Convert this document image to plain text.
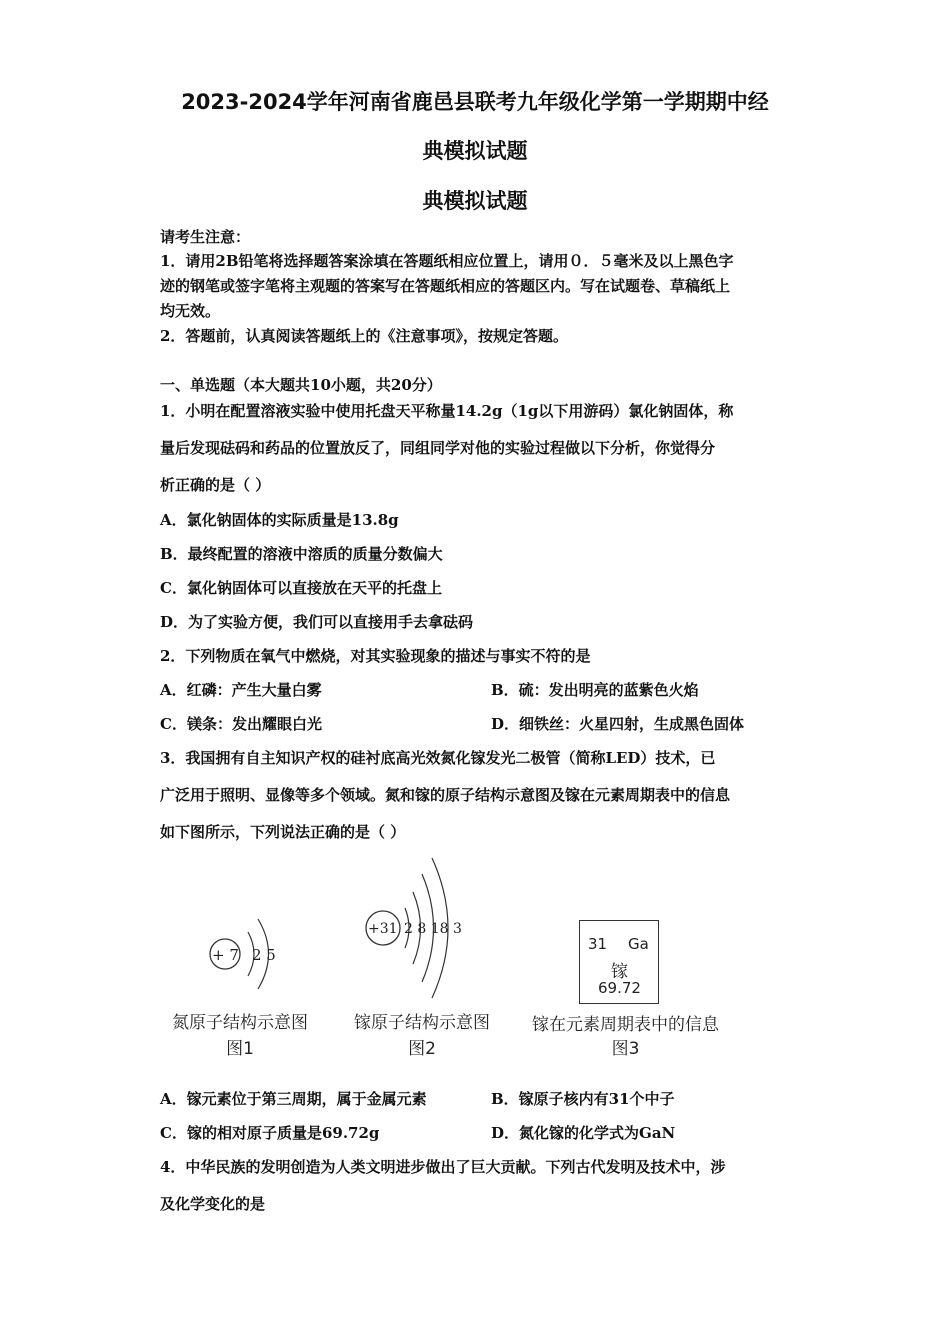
2023-2024学年河南省鹿邑县联考九年级化学第一学期期中经
典模拟试题
典模拟试题

请考生注意：

1．请用2B铅笔将选择题答案涂填在答题纸相应位置上，请用０．５毫米及以上黑色字

迹的钢笔或签字笔将主观题的答案写在答题纸相应的答题区内。写在试题卷、草稿纸上

均无效。

2．答题前，认真阅读答题纸上的《注意事项》，按规定答题。

一、单选题（本大题共10小题，共20分）

1．小明在配置溶液实验中使用托盘天平称量14.2g（1g以下用游码）氯化钠固体，称

量后发现砝码和药品的位置放反了，同组同学对他的实验过程做以下分析，你觉得分

析正确的是（ ）

A．氯化钠固体的实际质量是13.8g

B．最终配置的溶液中溶质的质量分数偏大

C．氯化钠固体可以直接放在天平的托盘上

D．为了实验方便，我们可以直接用手去拿砝码

2．下列物质在氧气中燃烧，对其实验现象的描述与事实不符的是

A．红磷：产生大量白雾	B．硫：发出明亮的蓝紫色火焰
C．镁条：发出耀眼白光	D．细铁丝：火星四射，生成黑色固体

3．我国拥有自主知识产权的硅衬底高光效氮化镓发光二极管（简称LED）技术，已

广泛用于照明、显像等多个领域。氮和镓的原子结构示意图及镓在元素周期表中的信息

如下图所示，下列说法正确的是（ ）

+ 7 2 5
+31 2 8 18 3
31 Ga
镓
69.72
氮原子结构示意图
图1
镓原子结构示意图
图2
镓在元素周期表中的信息
图3
A．镓元素位于第三周期，属于金属元素	B．镓原子核内有31个中子
C．镓的相对原子质量是69.72g	D．氮化镓的化学式为GaN

4．中华民族的发明创造为人类文明进步做出了巨大贡献。下列古代发明及技术中，涉

及化学变化的是
